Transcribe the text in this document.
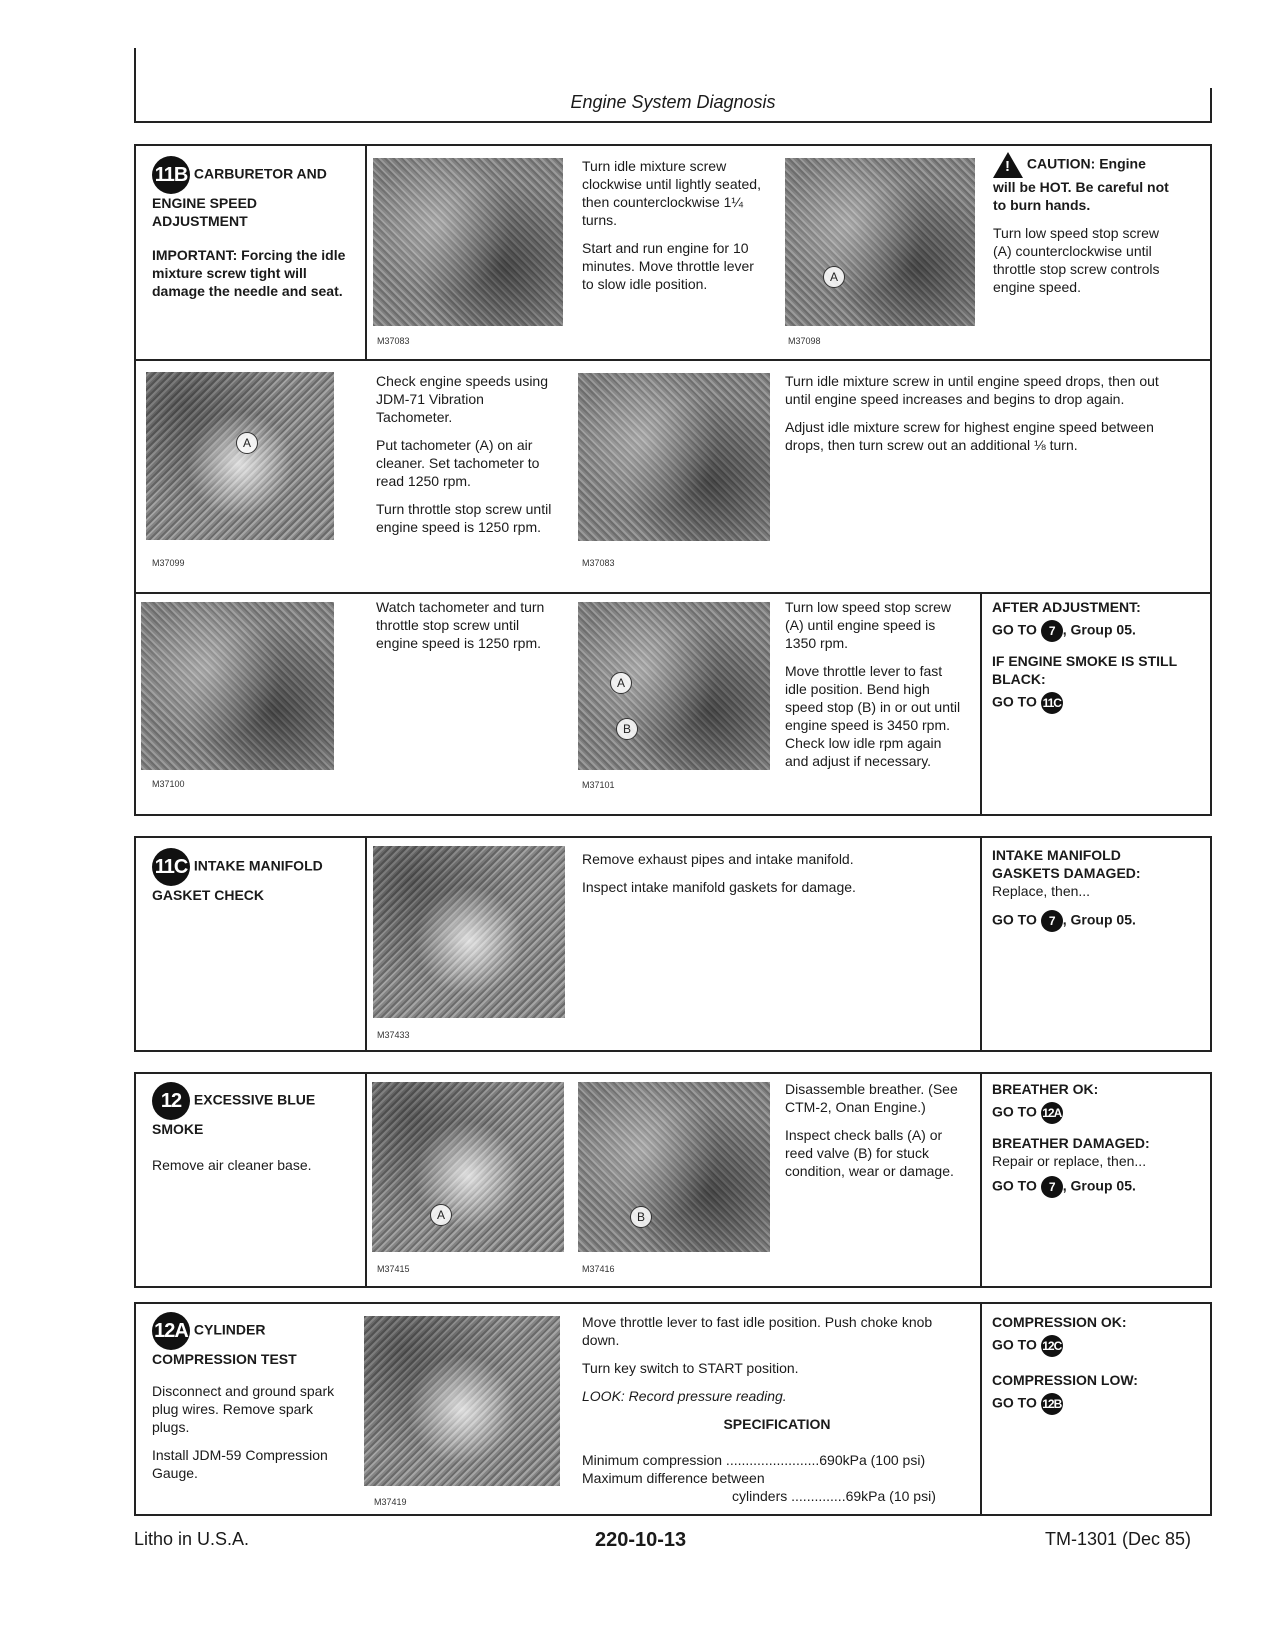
Engine System Diagnosis
11B CARBURETOR AND ENGINE SPEED ADJUSTMENT

IMPORTANT: Forcing the idle mixture screw tight will damage the needle and seat.

M37083

Turn idle mixture screw clockwise until lightly seated, then counterclockwise 1¼ turns.

Start and run engine for 10 minutes. Move throttle lever to slow idle position.	A
M37098

! CAUTION: Engine will be HOT. Be careful not to burn hands.

Turn low speed stop screw (A) counterclockwise until throttle stop screw controls engine speed.

A
M37099

Check engine speeds using JDM-71 Vibration Tachometer.

Put tachometer (A) on air cleaner. Set tachometer to read 1250 rpm.

Turn throttle stop screw until engine speed is 1250 rpm.

M37083

Turn idle mixture screw in until engine speed drops, then out until engine speed increases and begins to drop again.

Adjust idle mixture screw for highest engine speed between drops, then turn screw out an additional ⅛ turn.

M37100

Watch tachometer and turn throttle stop screw until engine speed is 1250 rpm.

A
B
M37101

Turn low speed stop screw (A) until engine speed is 1350 rpm.

Move throttle lever to fast idle position. Bend high speed stop (B) in or out until engine speed is 3450 rpm. Check low idle rpm again and adjust if necessary.

AFTER ADJUSTMENT:

GO TO 7 , Group 05.

IF ENGINE SMOKE IS STILL BLACK:

GO TO 11C

11C INTAKE MANIFOLD GASKET CHECK
M37433

Remove exhaust pipes and intake manifold.

Inspect intake manifold gaskets for damage.

INTAKE MANIFOLD GASKETS DAMAGED:

Replace, then...

GO TO 7 , Group 05.

12 EXCESSIVE BLUE SMOKE

Remove air cleaner base.

A
M37415
B
M37416

Disassemble breather. (See CTM-2, Onan Engine.)

Inspect check balls (A) or reed valve (B) for stuck condition, wear or damage.

BREATHER OK:

GO TO 12A

BREATHER DAMAGED:

Repair or replace, then...

GO TO 7 , Group 05.

12A CYLINDER COMPRESSION TEST

Disconnect and ground spark plug wires. Remove spark plugs.

Install JDM-59 Compression Gauge.

M37419

Move throttle lever to fast idle position. Push choke knob down.

Turn key switch to START position.

LOOK: Record pressure reading.

SPECIFICATION
Minimum compression ........................690kPa (100 psi)
Maximum difference between
cylinders ..............69kPa (10 psi)
COMPRESSION OK:

GO TO 12C

COMPRESSION LOW:

GO TO 12B

Litho in U.S.A.	220-10-13	TM-1301 (Dec 85)
